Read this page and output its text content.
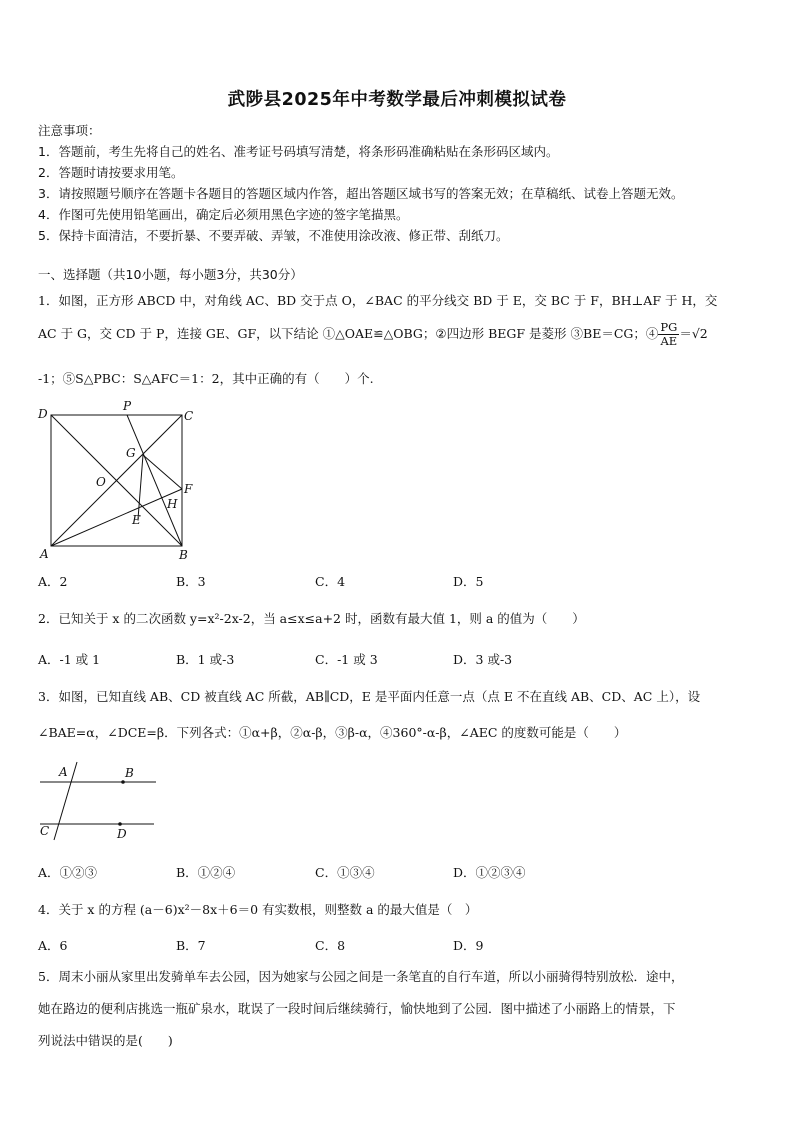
武陟县2025年中考数学最后冲刺模拟试卷
注意事项：
1．答题前，考生先将自己的姓名、准考证号码填写清楚，将条形码准确粘贴在条形码区域内。
2．答题时请按要求用笔。
3．请按照题号顺序在答题卡各题目的答题区域内作答，超出答题区域书写的答案无效；在草稿纸、试卷上答题无效。
4．作图可先使用铅笔画出，确定后必须用黑色字迹的签字笔描黑。
5．保持卡面清洁，不要折暴、不要弄破、弄皱，不准使用涂改液、修正带、刮纸刀。
一、选择题（共10小题，每小题3分，共30分）
1．如图，正方形 ABCD 中，对角线 AC、BD 交于点 O，∠BAC 的平分线交 BD 于 E，交 BC 于 F，BH⊥AF 于 H，交
AC 于 G，交 CD 于 P，连接 GE、GF，以下结论 ①△OAE≌△OBG；②四边形 BEGF 是菱形 ③BE＝CG；④ $\frac{PG}{AE} =√2$
-1；⑤S△PBC：S△AFC＝1：2，其中正确的有（　　）个.
D
P
C
G
O	F
H
E
A	B
A．2	B．3	C．4	D．5
2．已知关于 x 的二次函数 y=x²-2x-2，当 a≤x≤a+2 时，函数有最大值 1，则 a 的值为（　　）
A．-1 或 1	B．1 或-3	C．-1 或 3	D．3 或-3
3．如图，已知直线 AB、CD 被直线 AC 所截，AB∥CD，E 是平面内任意一点（点 E 不在直线 AB、CD、AC 上），设
∠BAE=α，∠DCE=β．下列各式：①α+β，②α-β，③β-α，④360°-α-β，∠AEC 的度数可能是（　　）
A	B
C	D
A．①②③	B．①②④	C．①③④	D．①②③④
4．关于 x 的方程 (a－6)x²－8x＋6＝0 有实数根，则整数 a 的最大值是（　）
A．6	B．7	C．8	D．9
5．周末小丽从家里出发骑单车去公园，因为她家与公园之间是一条笔直的自行车道，所以小丽骑得特别放松．途中，
她在路边的便利店挑选一瓶矿泉水，耽误了一段时间后继续骑行，愉快地到了公园．图中描述了小丽路上的情景，下
列说法中错误的是(　　)
